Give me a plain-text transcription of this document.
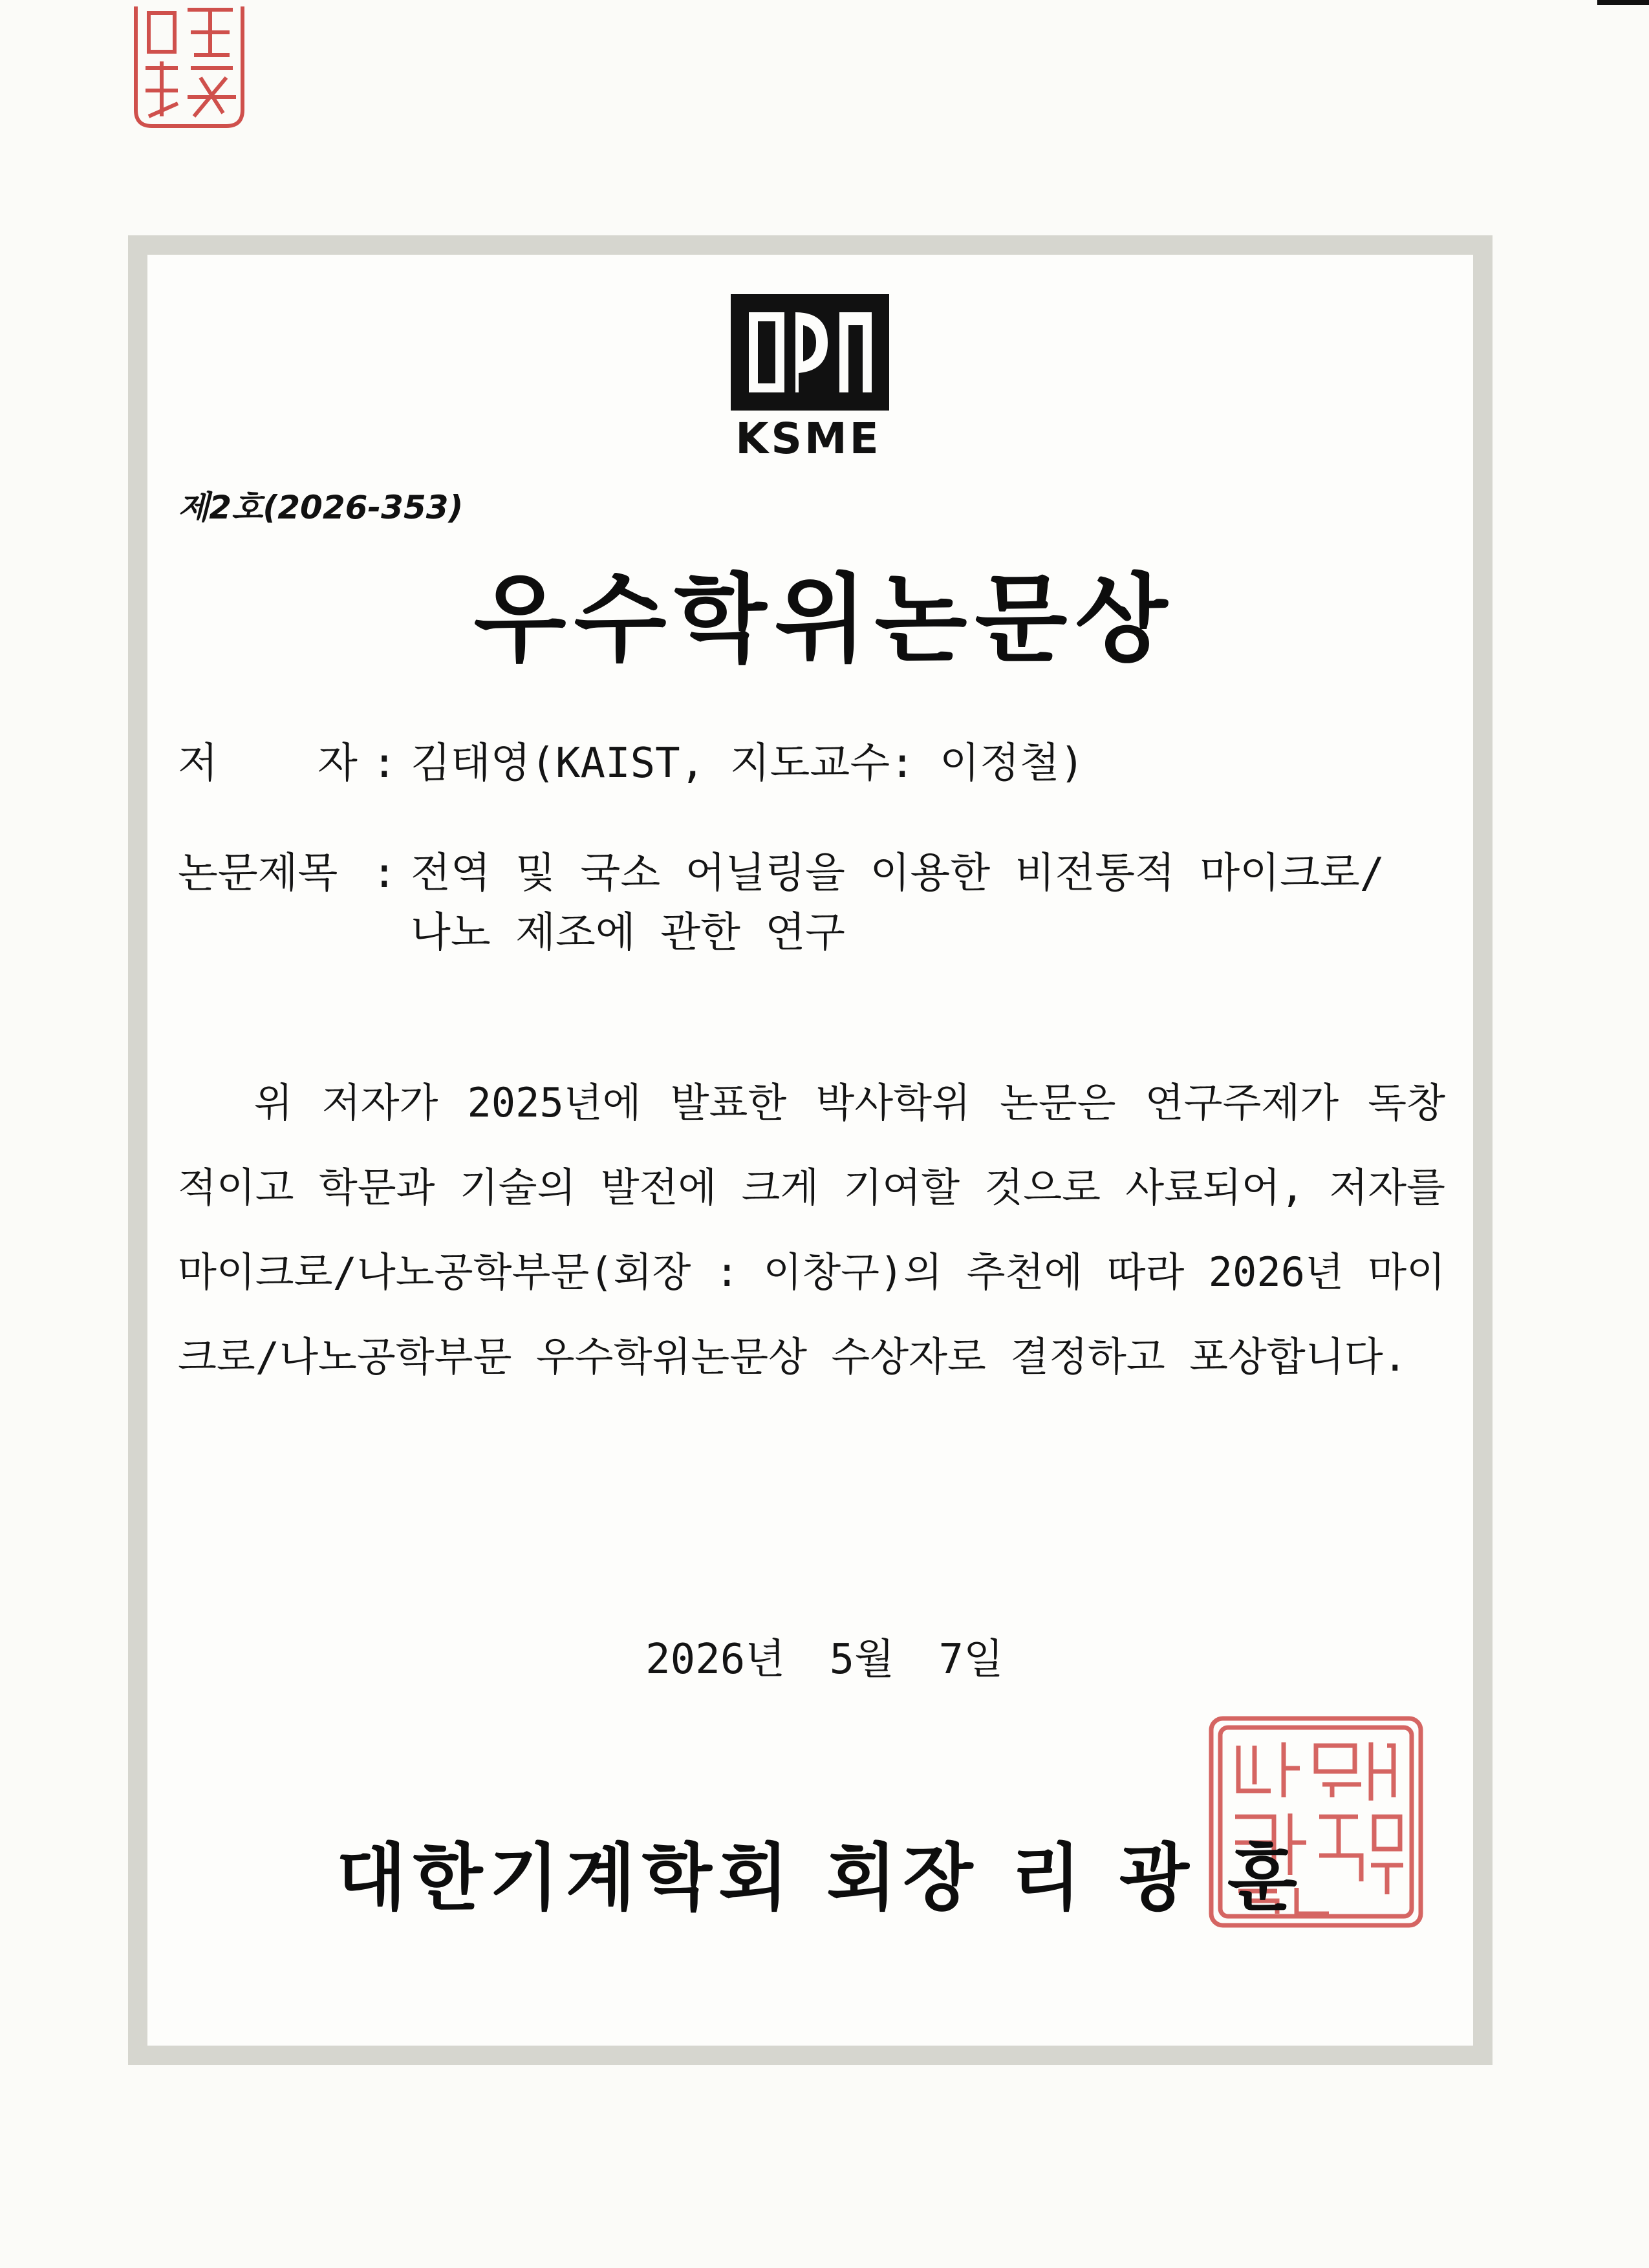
KSME
제2호(2026-353)
우수학위논문상
저    자 : 김태영(KAIST, 지도교수: 이정철)
논문제목 : 전역 및 국소 어닐링을 이용한 비전통적 마이크로/
나노 제조에 관한 연구
위 저자가 2025년에 발표한 박사학위 논문은 연구주제가 독창적이고 학문과 기술의 발전에 크게 기여할 것으로 사료되어, 저자를 마이크로/나노공학부문(회장 : 이창구)의 추천에 따라 2026년 마이크로/나노공학부문 우수학위논문상 수상자로 결정하고 포상합니다.
2026년 5월 7일
대한기계학회 회장 리 광 훈
